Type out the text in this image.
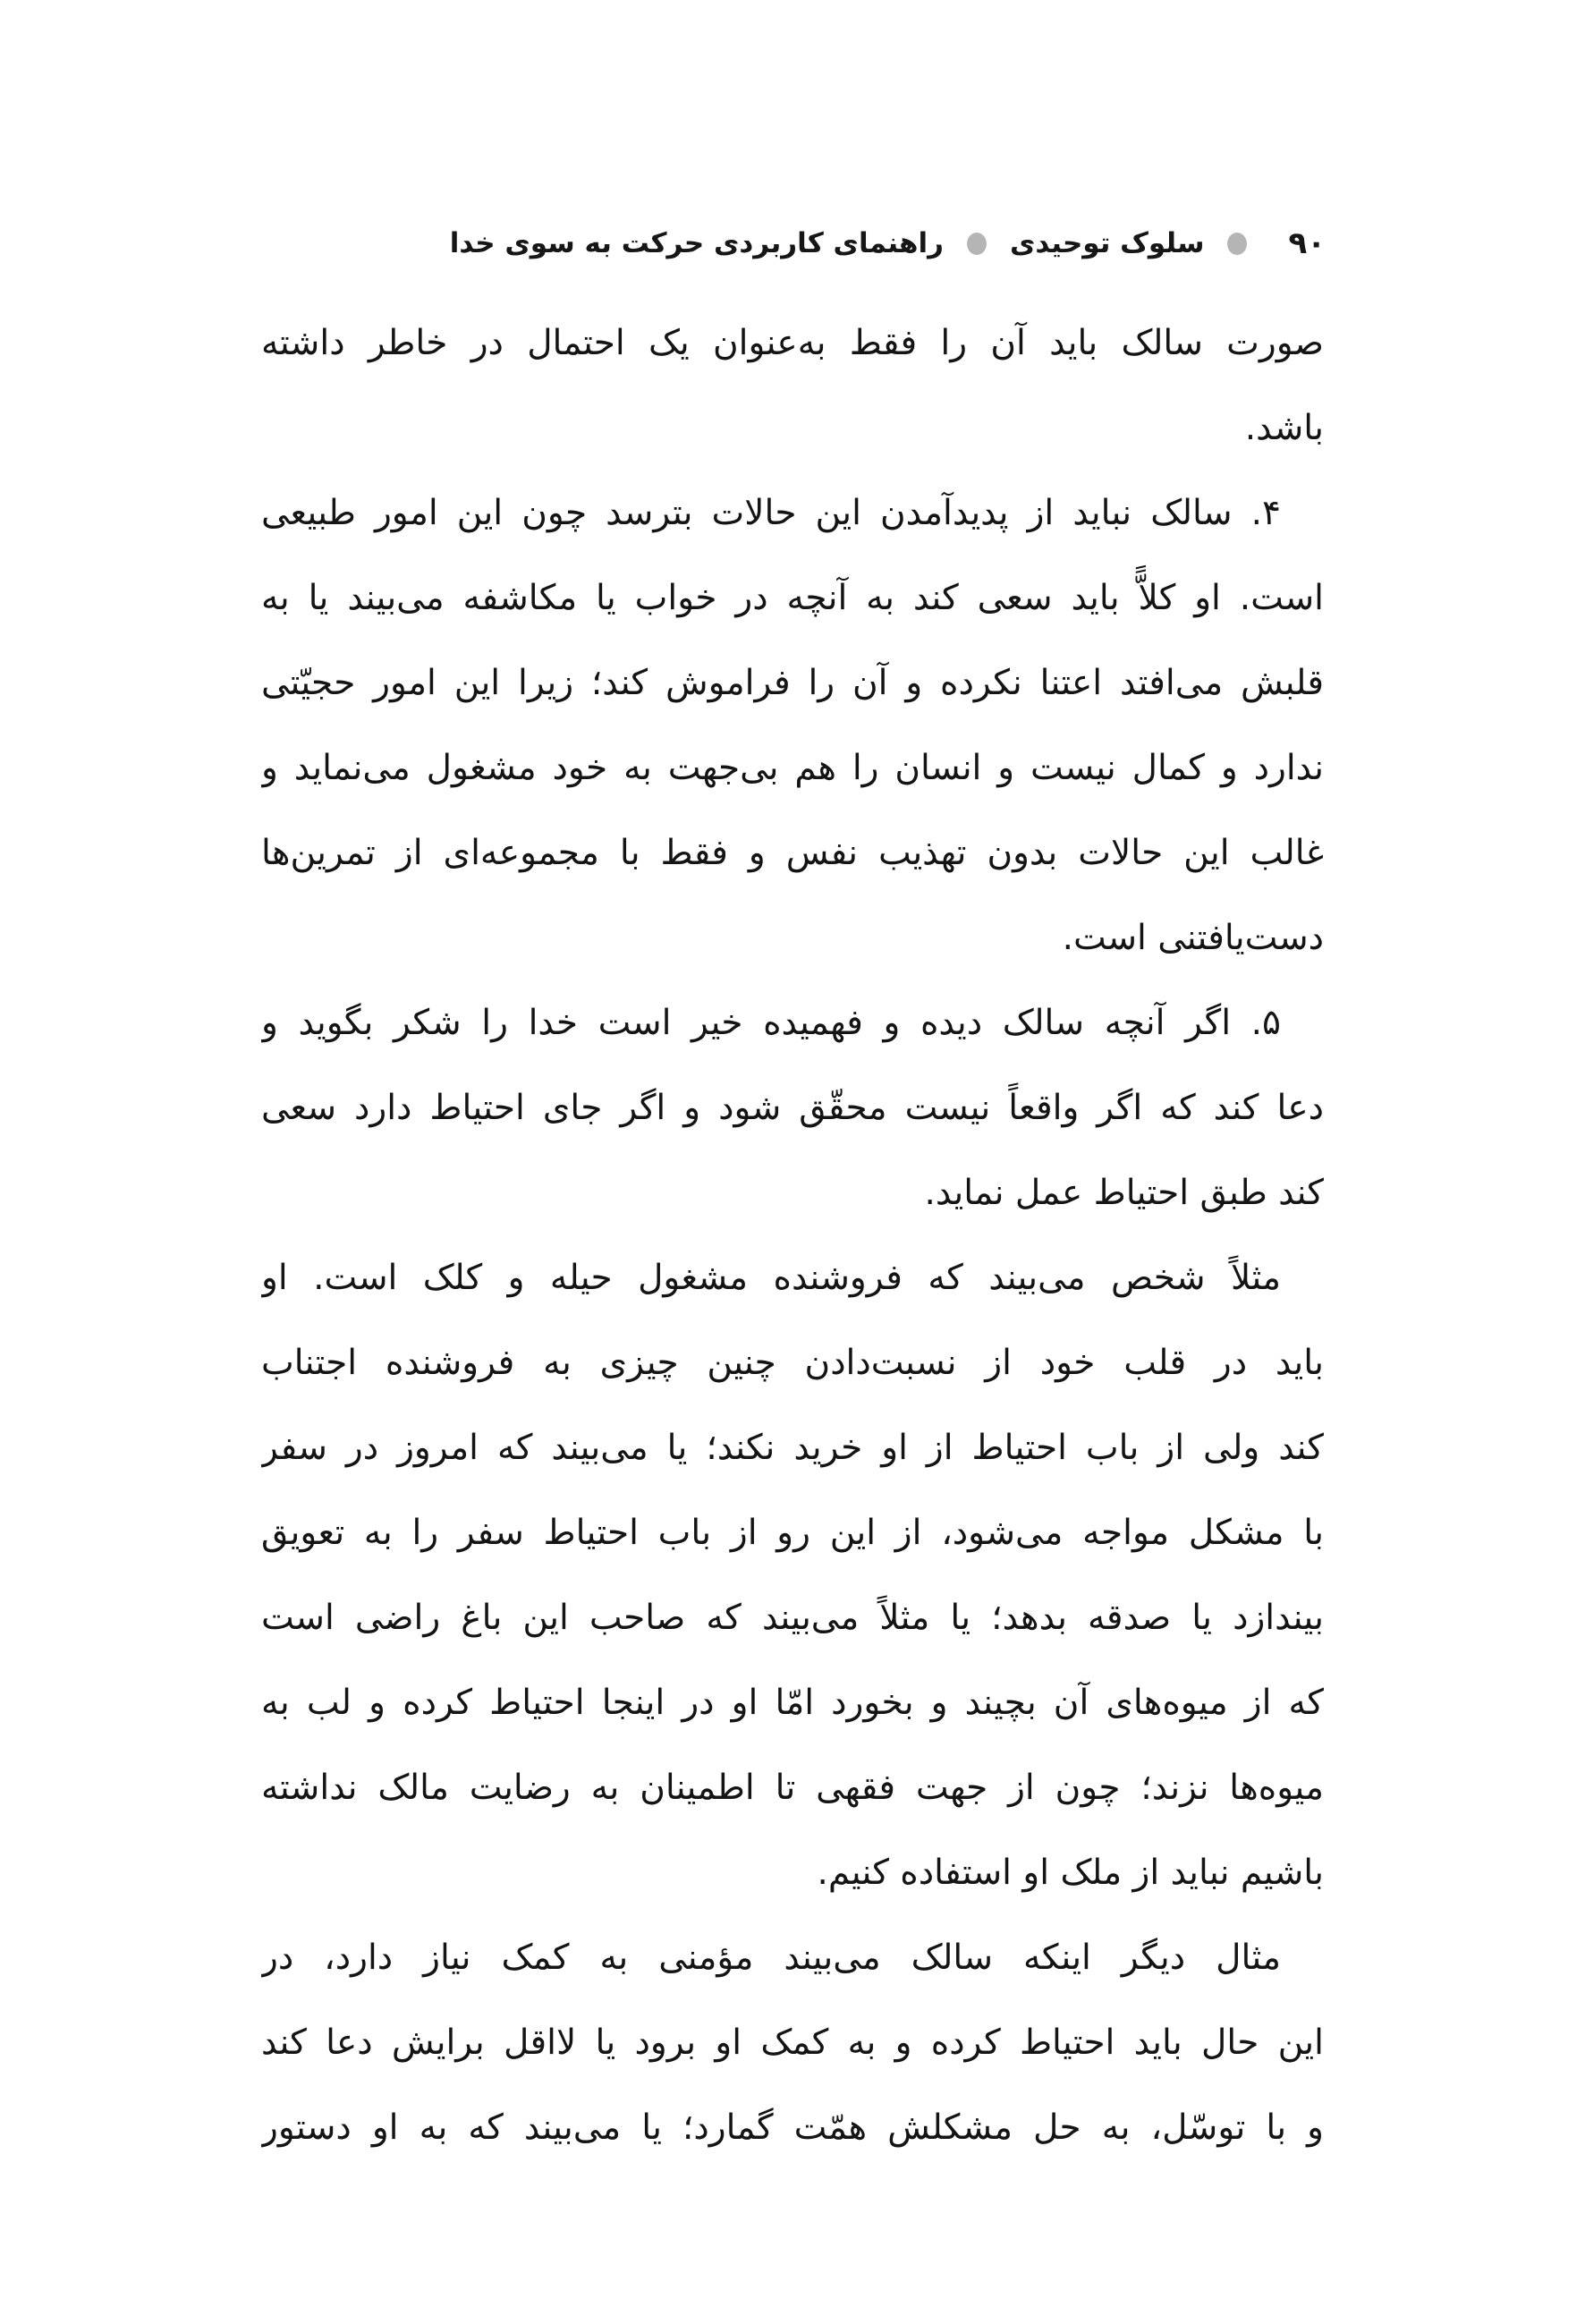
۹۰
سلوک توحیدی
راهنمای کاربردی حرکت به سوی خدا
صورت سالک باید آن را فقط به‌عنوان یک احتمال در خاطر داشته
باشد.
۴. سالک نباید از پدیدآمدن این حالات بترسد چون این امور طبیعی
است. او کلاًّ باید سعی کند به آنچه در خواب یا مکاشفه می‌بیند یا به
قلبش می‌افتد اعتنا نکرده و آن را فراموش کند؛ زیرا این امور حجیّتی
ندارد و کمال نیست و انسان را هم بی‌جهت به خود مشغول می‌نماید و
غالب این حالات بدون تهذیب نفس و فقط با مجموعه‌ای از تمرین‌ها
دست‌یافتنی است.
۵. اگر آنچه سالک دیده و فهمیده خیر است خدا را شکر بگوید و
دعا کند که اگر واقعاً نیست محقّق شود و اگر جای احتیاط دارد سعی
کند طبق احتیاط عمل نماید.
مثلاً شخص می‌بیند که فروشنده مشغول حیله و کلک است. او
باید در قلب خود از نسبت‌دادن چنین چیزی به فروشنده اجتناب
کند ولی از باب احتیاط از او خرید نکند؛ یا می‌بیند که امروز در سفر
با مشکل مواجه می‌شود، از این رو از باب احتیاط سفر را به تعویق
بیندازد یا صدقه بدهد؛ یا مثلاً می‌بیند که صاحب این باغ راضی است
که از میوه‌های آن بچیند و بخورد امّا او در اینجا احتیاط کرده و لب به
میوه‌ها نزند؛ چون از جهت فقهی تا اطمینان به رضایت مالک نداشته
باشیم نباید از ملک او استفاده کنیم.
مثال دیگر اینکه سالک می‌بیند مؤمنی به کمک نیاز دارد، در
این حال باید احتیاط کرده و به کمک او برود یا لااقل برایش دعا کند
و با توسّل، به حل مشکلش همّت گمارد؛ یا می‌بیند که به او دستور
